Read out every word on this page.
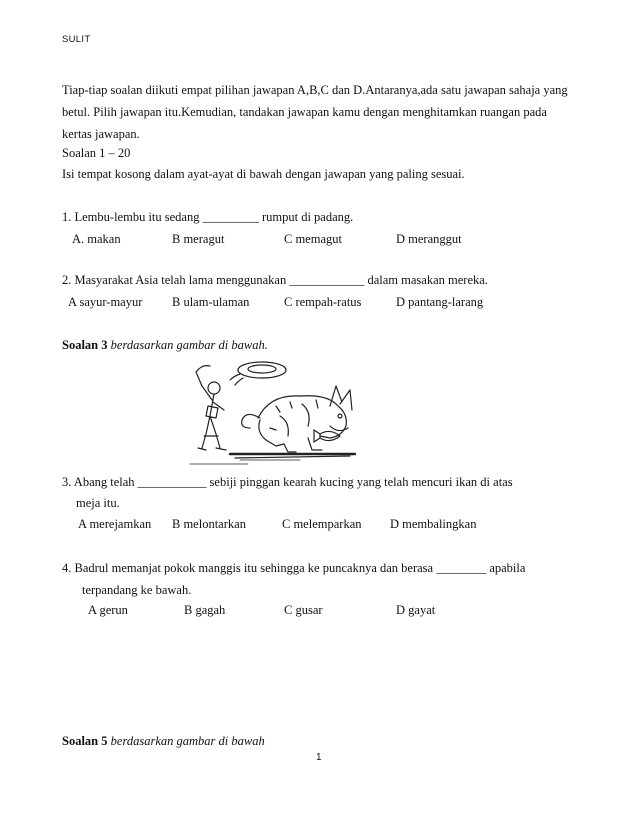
SULIT
Tiap-tiap soalan diikuti empat pilihan jawapan A,B,C dan D.Antaranya,ada satu jawapan sahaja yang
betul. Pilih jawapan itu.Kemudian, tandakan jawapan kamu dengan menghitamkan ruangan pada
kertas jawapan.
Soalan 1 – 20
Isi tempat kosong dalam ayat-ayat di bawah dengan jawapan yang paling sesuai.
1. Lembu-lembu itu sedang _________ rumput di padang.
A. makan	B meragut	C memagut	D meranggut
2. Masyarakat Asia telah lama menggunakan ____________ dalam masakan mereka.
A sayur-mayur B ulam-ulaman	C rempah-ratus	D pantang-larang
Soalan 3 berdasarkan gambar di bawah.
3. Abang telah ___________ sebiji pinggan kearah kucing yang telah mencuri ikan di atas
meja itu.
A merejamkan B melontarkan	C melemparkan D membalingkan
4. Badrul memanjat pokok manggis itu sehingga ke puncaknya dan berasa ________ apabila
terpandang ke bawah.
A gerun	B gagah	C gusar	D gayat
Soalan 5 berdasarkan gambar di bawah
1
